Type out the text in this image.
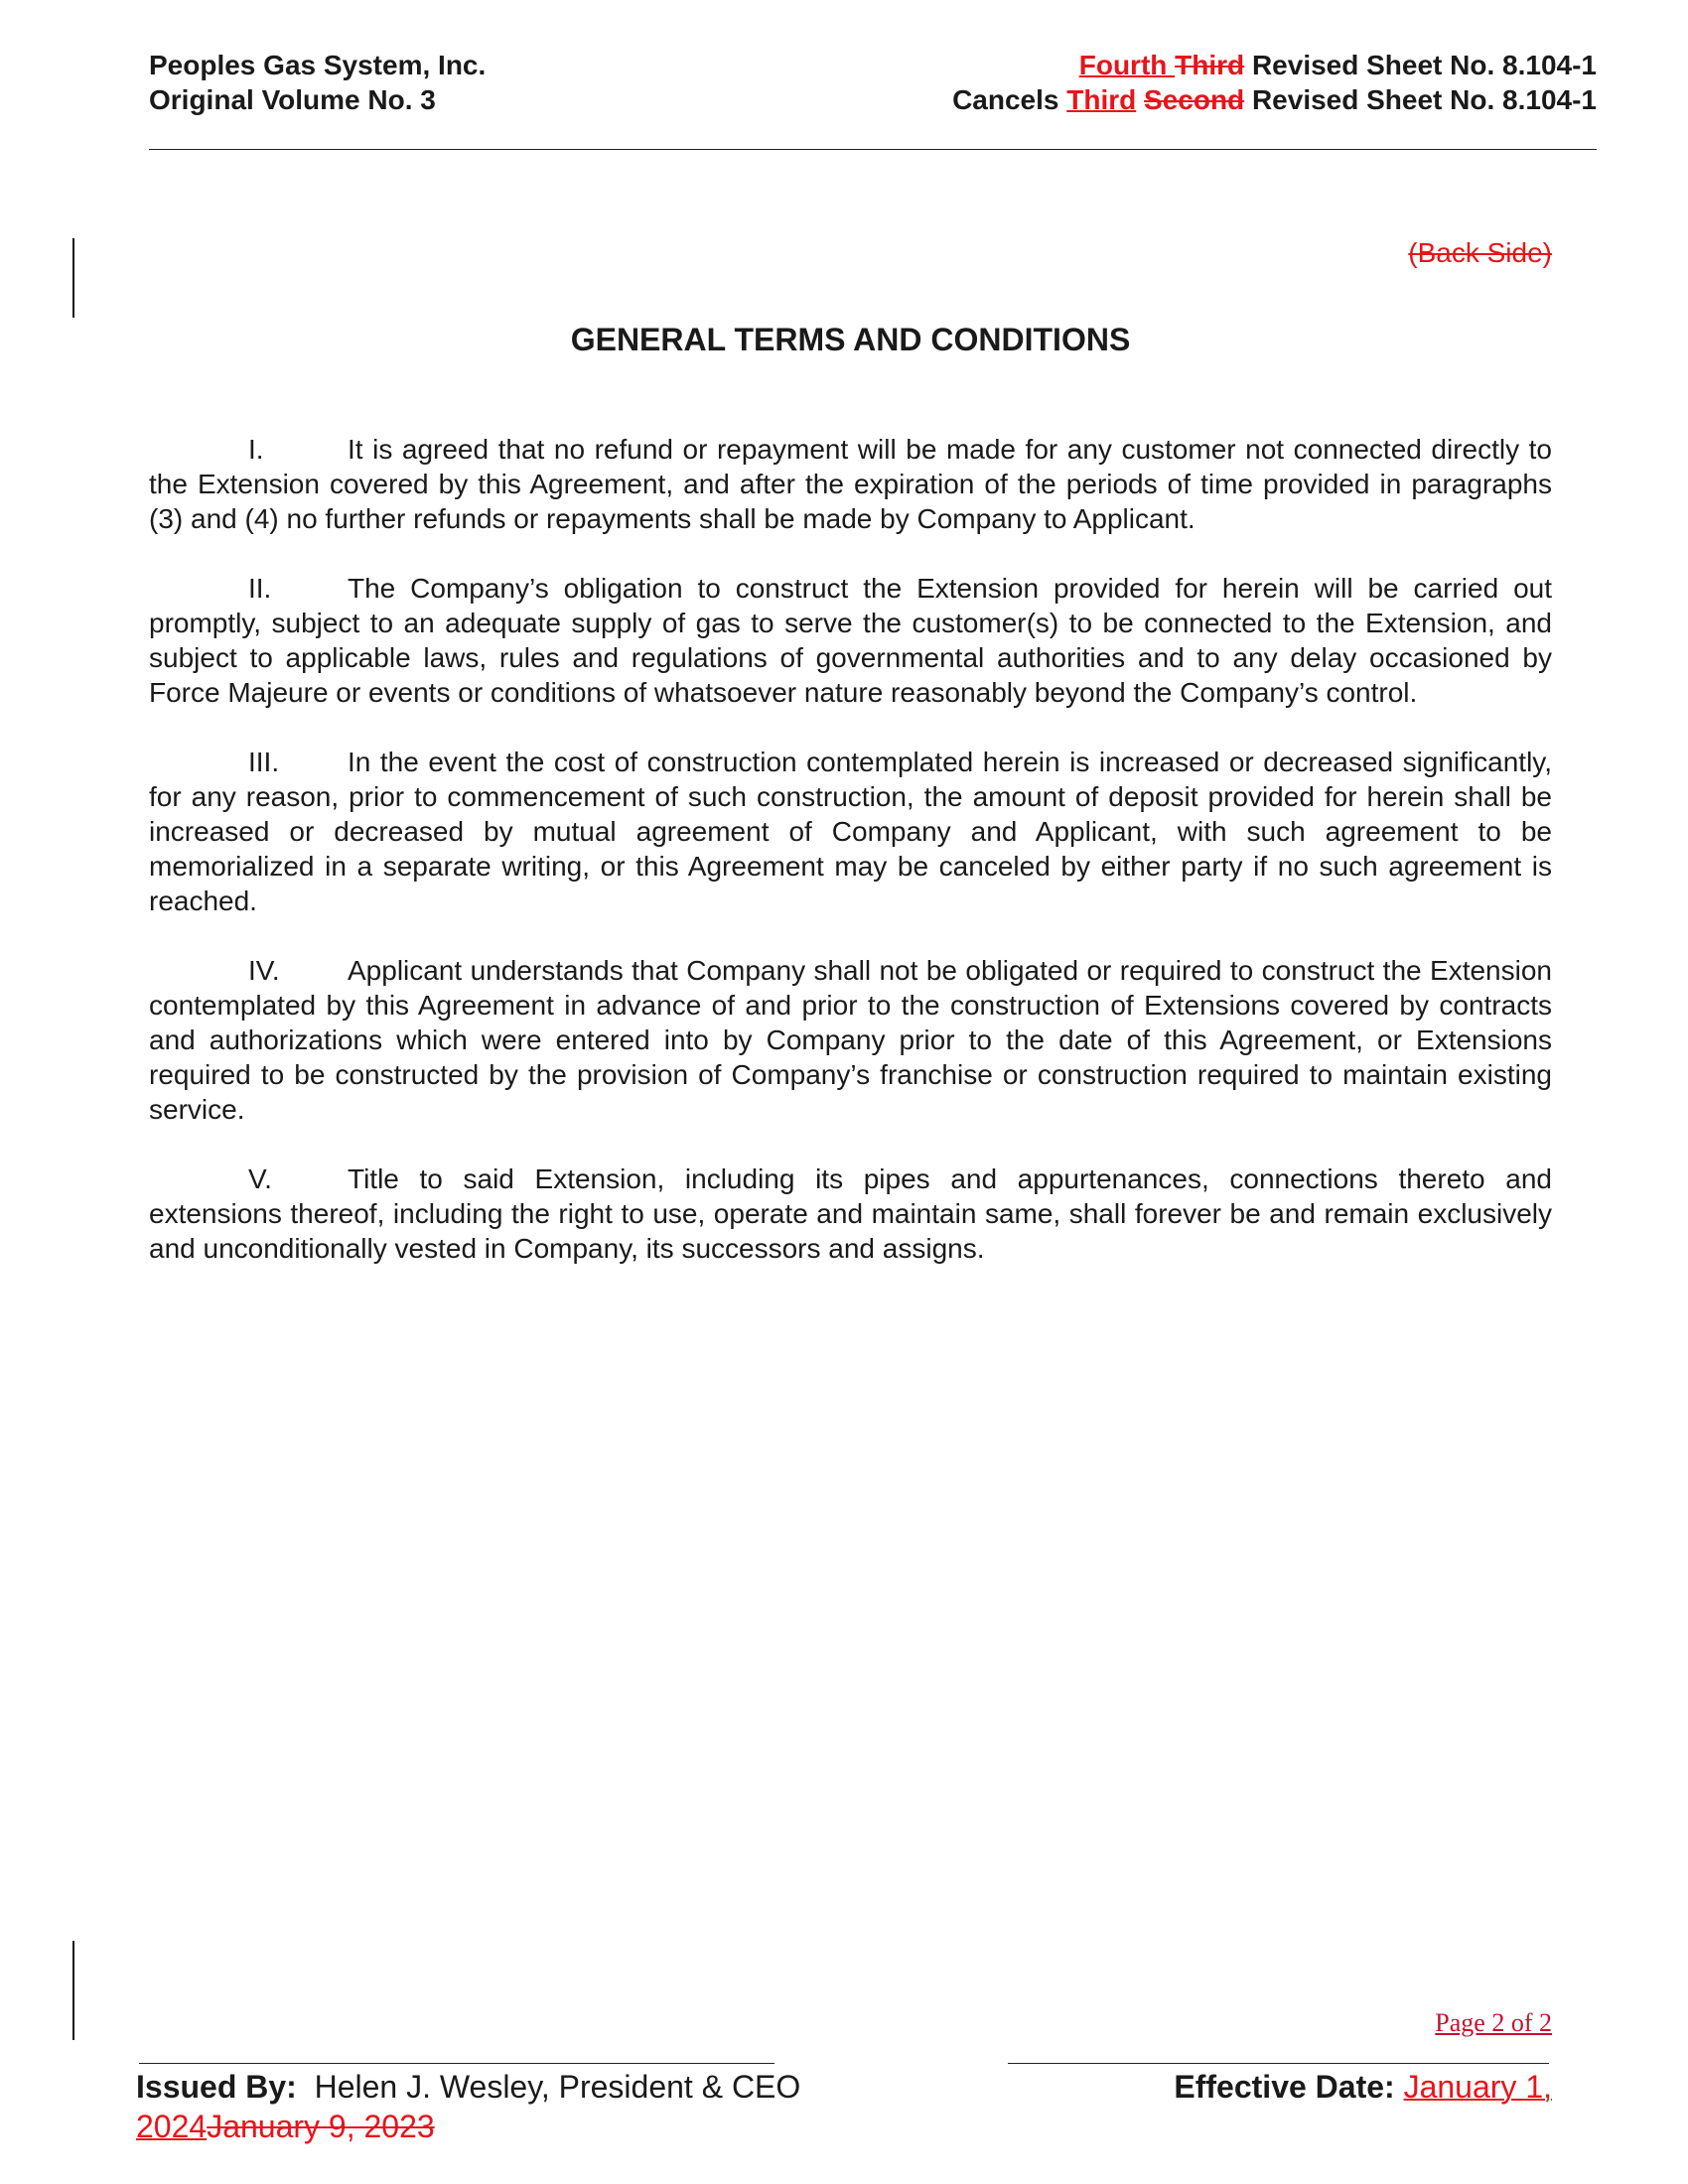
Peoples Gas System, Inc.
Original Volume No. 3
Fourth Third Revised Sheet No. 8.104-1
Cancels Third Second Revised Sheet No. 8.104-1
(Back Side)
GENERAL TERMS AND CONDITIONS

I.	It is agreed that no refund or repayment will be made for any customer not connected directly to the Extension covered by this Agreement, and after the expiration of the periods of time provided in paragraphs (3) and (4) no further refunds or repayments shall be made by Company to Applicant.

II.	The Company’s obligation to construct the Extension provided for herein will be carried out promptly, subject to an adequate supply of gas to serve the customer(s) to be connected to the Extension, and subject to applicable laws, rules and regulations of governmental authorities and to any delay occasioned by Force Majeure or events or conditions of whatsoever nature reasonably beyond the Company’s control.

III. In the event the cost of construction contemplated herein is increased or decreased significantly, for any reason, prior to commencement of such construction, the amount of deposit provided for herein shall be increased or decreased by mutual agreement of Company and Applicant, with such agreement to be memorialized in a separate writing, or this Agreement may be canceled by either party if no such agreement is reached.

IV. Applicant understands that Company shall not be obligated or required to construct the Extension contemplated by this Agreement in advance of and prior to the construction of Extensions covered by contracts and authorizations which were entered into by Company prior to the date of this Agreement, or Extensions required to be constructed by the provision of Company’s franchise or construction required to maintain existing service.

V.	Title to said Extension, including its pipes and appurtenances, connections thereto and extensions thereof, including the right to use, operate and maintain same, shall forever be and remain exclusively and unconditionally vested in Company, its successors and assigns.

Page 2 of 2
Issued By: Helen J. Wesley, President & CEO	Effective Date: January 1,
2024January 9, 2023
